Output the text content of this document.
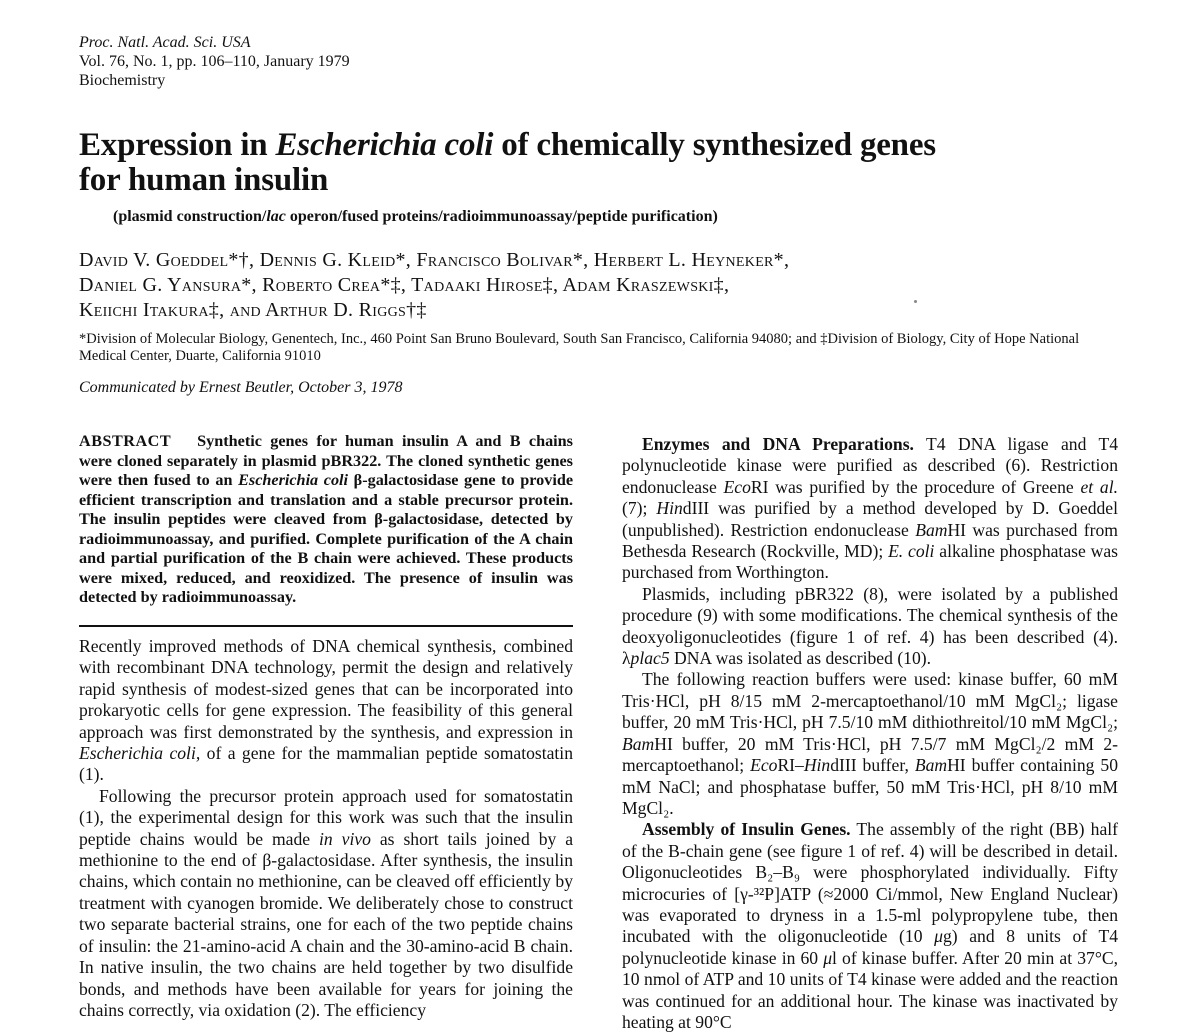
Proc. Natl. Acad. Sci. USA
Vol. 76, No. 1, pp. 106–110, January 1979
Biochemistry
Expression in Escherichia coli of chemically synthesized genes
for human insulin
(plasmid construction/lac operon/fused proteins/radioimmunoassay/peptide purification)
David V. Goeddel*†, Dennis G. Kleid*, Francisco Bolivar*, Herbert L. Heyneker*,
Daniel G. Yansura*, Roberto Crea*‡, Tadaaki Hirose‡, Adam Kraszewski‡,
Keiichi Itakura‡, and Arthur D. Riggs†‡
*Division of Molecular Biology, Genentech, Inc., 460 Point San Bruno Boulevard, South San Francisco, California 94080; and ‡Division of Biology, City of Hope National Medical Center, Duarte, California 91010
Communicated by Ernest Beutler, October 3, 1978
ABSTRACT Synthetic genes for human insulin A and B chains were cloned separately in plasmid pBR322. The cloned synthetic genes were then fused to an Escherichia coli β-galactosidase gene to provide efficient transcription and translation and a stable precursor protein. The insulin peptides were cleaved from β-galactosidase, detected by radioimmunoassay, and purified. Complete purification of the A chain and partial purification of the B chain were achieved. These products were mixed, reduced, and reoxidized. The presence of insulin was detected by radioimmunoassay.

Recently improved methods of DNA chemical synthesis, combined with recombinant DNA technology, permit the design and relatively rapid synthesis of modest-sized genes that can be incorporated into prokaryotic cells for gene expression. The feasibility of this general approach was first demonstrated by the synthesis, and expression in Escherichia coli, of a gene for the mammalian peptide somatostatin (1).

Following the precursor protein approach used for somatostatin (1), the experimental design for this work was such that the insulin peptide chains would be made in vivo as short tails joined by a methionine to the end of β-galactosidase. After synthesis, the insulin chains, which contain no methionine, can be cleaved off efficiently by treatment with cyanogen bromide. We deliberately chose to construct two separate bacterial strains, one for each of the two peptide chains of insulin: the 21-amino-acid A chain and the 30-amino-acid B chain. In native insulin, the two chains are held together by two disulfide bonds, and methods have been available for years for joining the chains correctly, via oxidation (2). The efficiency

Enzymes and DNA Preparations. T4 DNA ligase and T4 polynucleotide kinase were purified as described (6). Restriction endonuclease EcoRI was purified by the procedure of Greene et al. (7); HindIII was purified by a method developed by D. Goeddel (unpublished). Restriction endonuclease BamHI was purchased from Bethesda Research (Rockville, MD); E. coli alkaline phosphatase was purchased from Worthington.

Plasmids, including pBR322 (8), were isolated by a published procedure (9) with some modifications. The chemical synthesis of the deoxyoligonucleotides (figure 1 of ref. 4) has been described (4). λplac5 DNA was isolated as described (10).

The following reaction buffers were used: kinase buffer, 60 mM Tris·HCl, pH 8/15 mM 2-mercaptoethanol/10 mM MgCl₂; ligase buffer, 20 mM Tris·HCl, pH 7.5/10 mM dithiothreitol/10 mM MgCl₂; BamHI buffer, 20 mM Tris·HCl, pH 7.5/7 mM MgCl₂/2 mM 2-mercaptoethanol; EcoRI–HindIII buffer, BamHI buffer containing 50 mM NaCl; and phosphatase buffer, 50 mM Tris·HCl, pH 8/10 mM MgCl₂.

Assembly of Insulin Genes. The assembly of the right (BB) half of the B-chain gene (see figure 1 of ref. 4) will be described in detail. Oligonucleotides B₂–B₉ were phosphorylated individually. Fifty microcuries of [γ-³²P]ATP (≈2000 Ci/mmol, New England Nuclear) was evaporated to dryness in a 1.5-ml polypropylene tube, then incubated with the oligonucleotide (10 μg) and 8 units of T4 polynucleotide kinase in 60 μl of kinase buffer. After 20 min at 37°C, 10 nmol of ATP and 10 units of T4 kinase were added and the reaction was continued for an additional hour. The kinase was inactivated by heating at 90°C
